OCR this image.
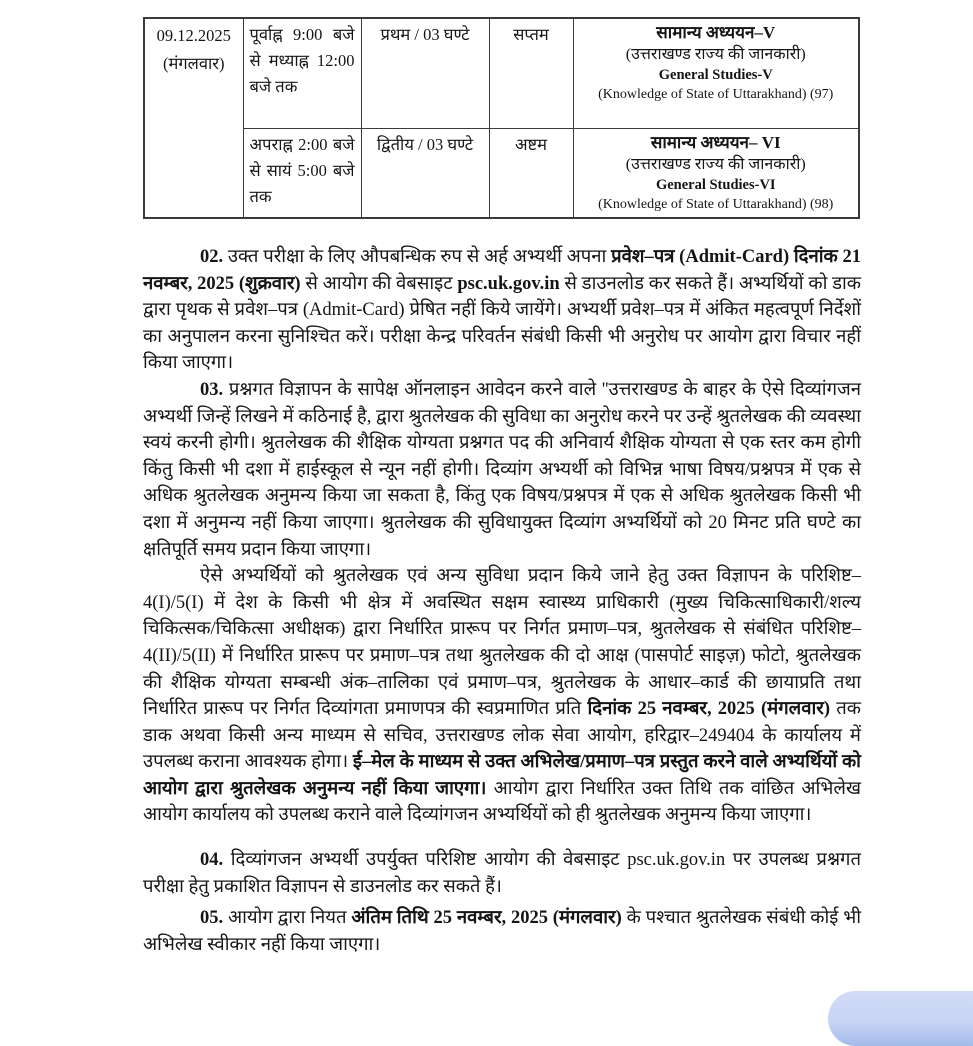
09.12.2025
(मंगलवार)
	पूर्वाह्न 9:00 बजे से मध्याह्न 12:00 बजे तक	प्रथम / 03 घण्टे	सप्तम	सामान्य अध्ययन–V
(उत्तराखण्ड राज्य की जानकारी)
General Studies-V
(Knowledge of State of Uttarakhand) (97)

	अपराह्न 2:00 बजे से सायं 5:00 बजे तक	द्वितीय / 03 घण्टे	अष्टम	सामान्य अध्ययन– VI
(उत्तराखण्ड राज्य की जानकारी)
General Studies-VI
(Knowledge of State of Uttarakhand) (98)

02. उक्त परीक्षा के लिए औपबन्धिक रुप से अर्ह अभ्यर्थी अपना प्रवेश–पत्र (Admit-Card) दिनांक 21 नवम्बर, 2025 (शुक्रवार) से आयोग की वेबसाइट psc.uk.gov.in से डाउनलोड कर सकते हैं। अभ्यर्थियों को डाक द्वारा पृथक से प्रवेश–पत्र (Admit-Card) प्रेषित नहीं किये जायेंगे। अभ्यर्थी प्रवेश–पत्र में अंकित महत्वपूर्ण निर्देशों का अनुपालन करना सुनिश्चित करें। परीक्षा केन्द्र परिवर्तन संबंधी किसी भी अनुरोध पर आयोग द्वारा विचार नहीं किया जाएगा।

03. प्रश्नगत विज्ञापन के सापेक्ष ऑनलाइन आवेदन करने वाले ''उत्तराखण्ड के बाहर के ऐसे दिव्यांगजन अभ्यर्थी जिन्हें लिखने में कठिनाई है, द्वारा श्रुतलेखक की सुविधा का अनुरोध करने पर उन्हें श्रुतलेखक की व्यवस्था स्वयं करनी होगी। श्रुतलेखक की शैक्षिक योग्यता प्रश्नगत पद की अनिवार्य शैक्षिक योग्यता से एक स्तर कम होगी किंतु किसी भी दशा में हाईस्कूल से न्यून नहीं होगी। दिव्यांग अभ्यर्थी को विभिन्न भाषा विषय/प्रश्नपत्र में एक से अधिक श्रुतलेखक अनुमन्य किया जा सकता है, किंतु एक विषय/प्रश्नपत्र में एक से अधिक श्रुतलेखक किसी भी दशा में अनुमन्य नहीं किया जाएगा। श्रुतलेखक की सुविधायुक्त दिव्यांग अभ्यर्थियों को 20 मिनट प्रति घण्टे का क्षतिपूर्ति समय प्रदान किया जाएगा।

ऐसे अभ्यर्थियों को श्रुतलेखक एवं अन्य सुविधा प्रदान किये जाने हेतु उक्त विज्ञापन के परिशिष्ट–4(I)/5(I) में देश के किसी भी क्षेत्र में अवस्थित सक्षम स्वास्थ्य प्राधिकारी (मुख्य चिकित्साधिकारी/शल्य चिकित्सक/चिकित्सा अधीक्षक) द्वारा निर्धारित प्रारूप पर निर्गत प्रमाण–पत्र, श्रुतलेखक से संबंधित परिशिष्ट–4(II)/5(II) में निर्धारित प्रारूप पर प्रमाण–पत्र तथा श्रुतलेखक की दो आक्ष (पासपोर्ट साइज़) फोटो, श्रुतलेखक की शैक्षिक योग्यता सम्बन्धी अंक–तालिका एवं प्रमाण–पत्र, श्रुतलेखक के आधार–कार्ड की छायाप्रति तथा निर्धारित प्रारूप पर निर्गत दिव्यांगता प्रमाणपत्र की स्वप्रमाणित प्रति दिनांक 25 नवम्बर, 2025 (मंगलवार) तक डाक अथवा किसी अन्य माध्यम से सचिव, उत्तराखण्ड लोक सेवा आयोग, हरिद्वार–249404 के कार्यालय में उपलब्ध कराना आवश्यक होगा। ई–मेल के माध्यम से उक्त अभिलेख/प्रमाण–पत्र प्रस्तुत करने वाले अभ्यर्थियों को आयोग द्वारा श्रुतलेखक अनुमन्य नहीं किया जाएगा। आयोग द्वारा निर्धारित उक्त तिथि तक वांछित अभिलेख आयोग कार्यालय को उपलब्ध कराने वाले दिव्यांगजन अभ्यर्थियों को ही श्रुतलेखक अनुमन्य किया जाएगा।

04. दिव्यांगजन अभ्यर्थी उपर्युक्त परिशिष्ट आयोग की वेबसाइट psc.uk.gov.in पर उपलब्ध प्रश्नगत परीक्षा हेतु प्रकाशित विज्ञापन से डाउनलोड कर सकते हैं।

05. आयोग द्वारा नियत अंतिम तिथि 25 नवम्बर, 2025 (मंगलवार) के पश्चात श्रुतलेखक संबंधी कोई भी अभिलेख स्वीकार नहीं किया जाएगा।
